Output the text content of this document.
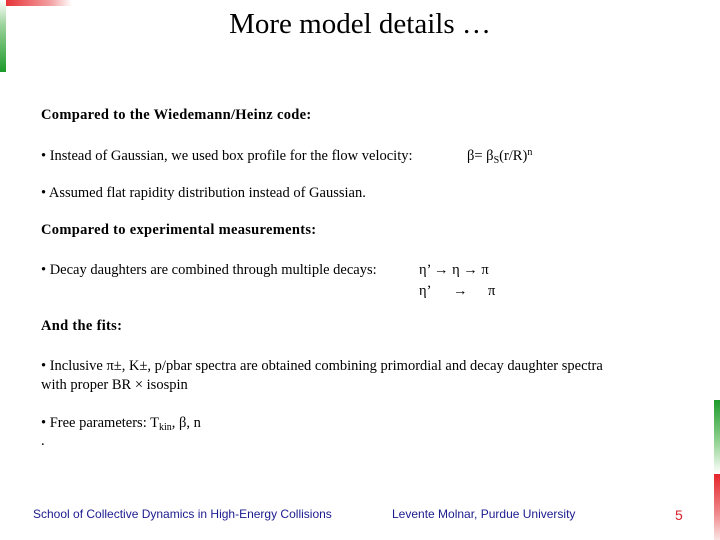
More model details …
Compared to the Wiedemann/Heinz code:
• Instead of Gaussian, we used box profile for the flow velocity:	$\beta= \beta_S(r/R)^n$
• Assumed flat rapidity distribution instead of Gaussian.
Compared to experimental measurements:
• Decay daughters are combined through multiple decays:	η’ → η → π
η’ → π
And the fits:
• Inclusive π±, K±, p/pbar spectra are obtained combining primordial and decay daughter spectra
with proper BR × isospin
• Free parameters: $T_{kin}$, β, n
.
School of Collective Dynamics in High-Energy Collisions	Levente Molnar, Purdue University	5
